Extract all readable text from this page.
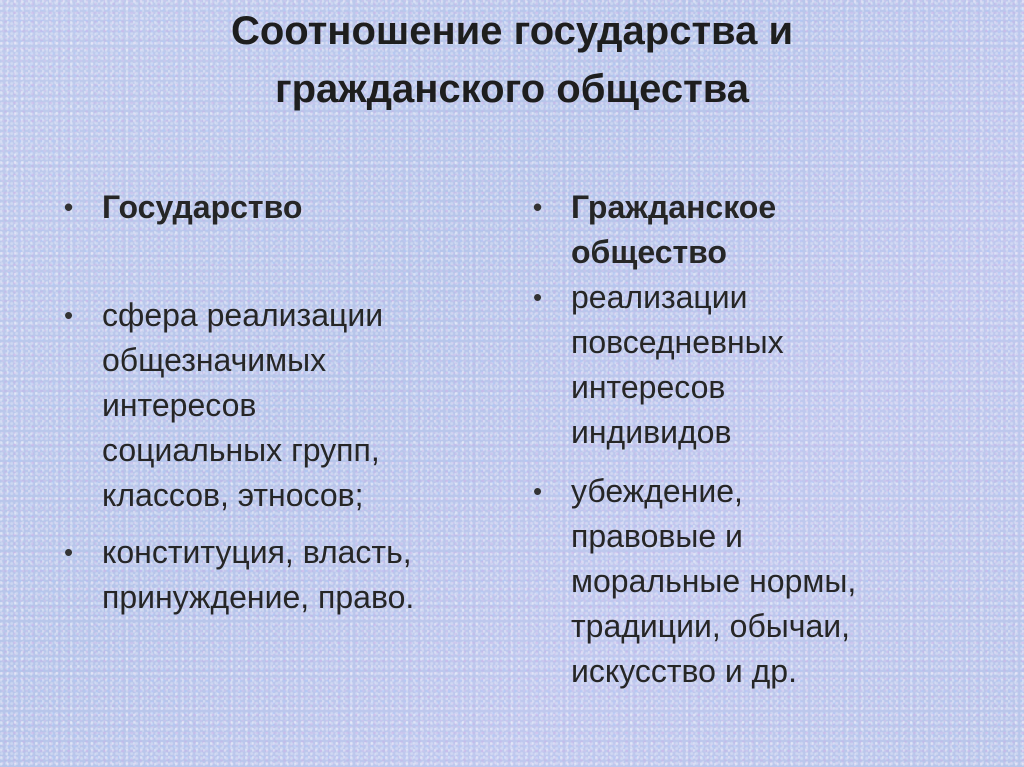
Соотношение государства и
гражданского общества
• Государство
• сфера реализации
общезначимых
интересов
социальных групп,
классов, этносов;
• конституция, власть,
принуждение, право.
• Гражданское
общество
• реализации
повседневных
интересов
индивидов
• убеждение,
правовые и
моральные нормы,
традиции, обычаи,
искусство и др.
